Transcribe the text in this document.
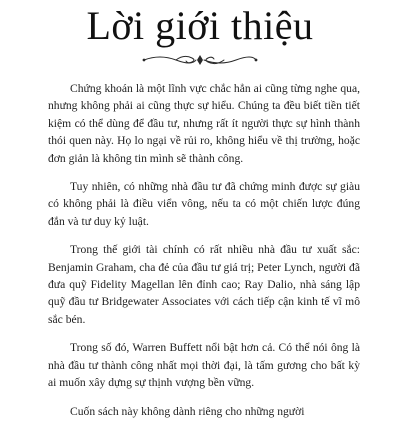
Lời giới thiệu

Chứng khoán là một lĩnh vực chắc hẳn ai cũng từng nghe qua, nhưng không phải ai cũng thực sự hiểu. Chúng ta đều biết tiền tiết kiệm có thể dùng để đầu tư, nhưng rất ít người thực sự hình thành thói quen này. Họ lo ngại về rủi ro, không hiểu về thị trường, hoặc đơn giản là không tin mình sẽ thành công.

Tuy nhiên, có những nhà đầu tư đã chứng minh được sự giàu có không phải là điều viển vông, nếu ta có một chiến lược đúng đắn và tư duy kỷ luật.

Trong thế giới tài chính có rất nhiều nhà đầu tư xuất sắc: Benjamin Graham, cha đẻ của đầu tư giá trị; Peter Lynch, người đã đưa quỹ Fidelity Magellan lên đỉnh cao; Ray Dalio, nhà sáng lập quỹ đầu tư Bridgewater Associates với cách tiếp cận kinh tế vĩ mô sắc bén.

Trong số đó, Warren Buffett nổi bật hơn cả. Có thể nói ông là nhà đầu tư thành công nhất mọi thời đại, là tấm gương cho bất kỳ ai muốn xây dựng sự thịnh vượng bền vững.

Cuốn sách này không dành riêng cho những người
